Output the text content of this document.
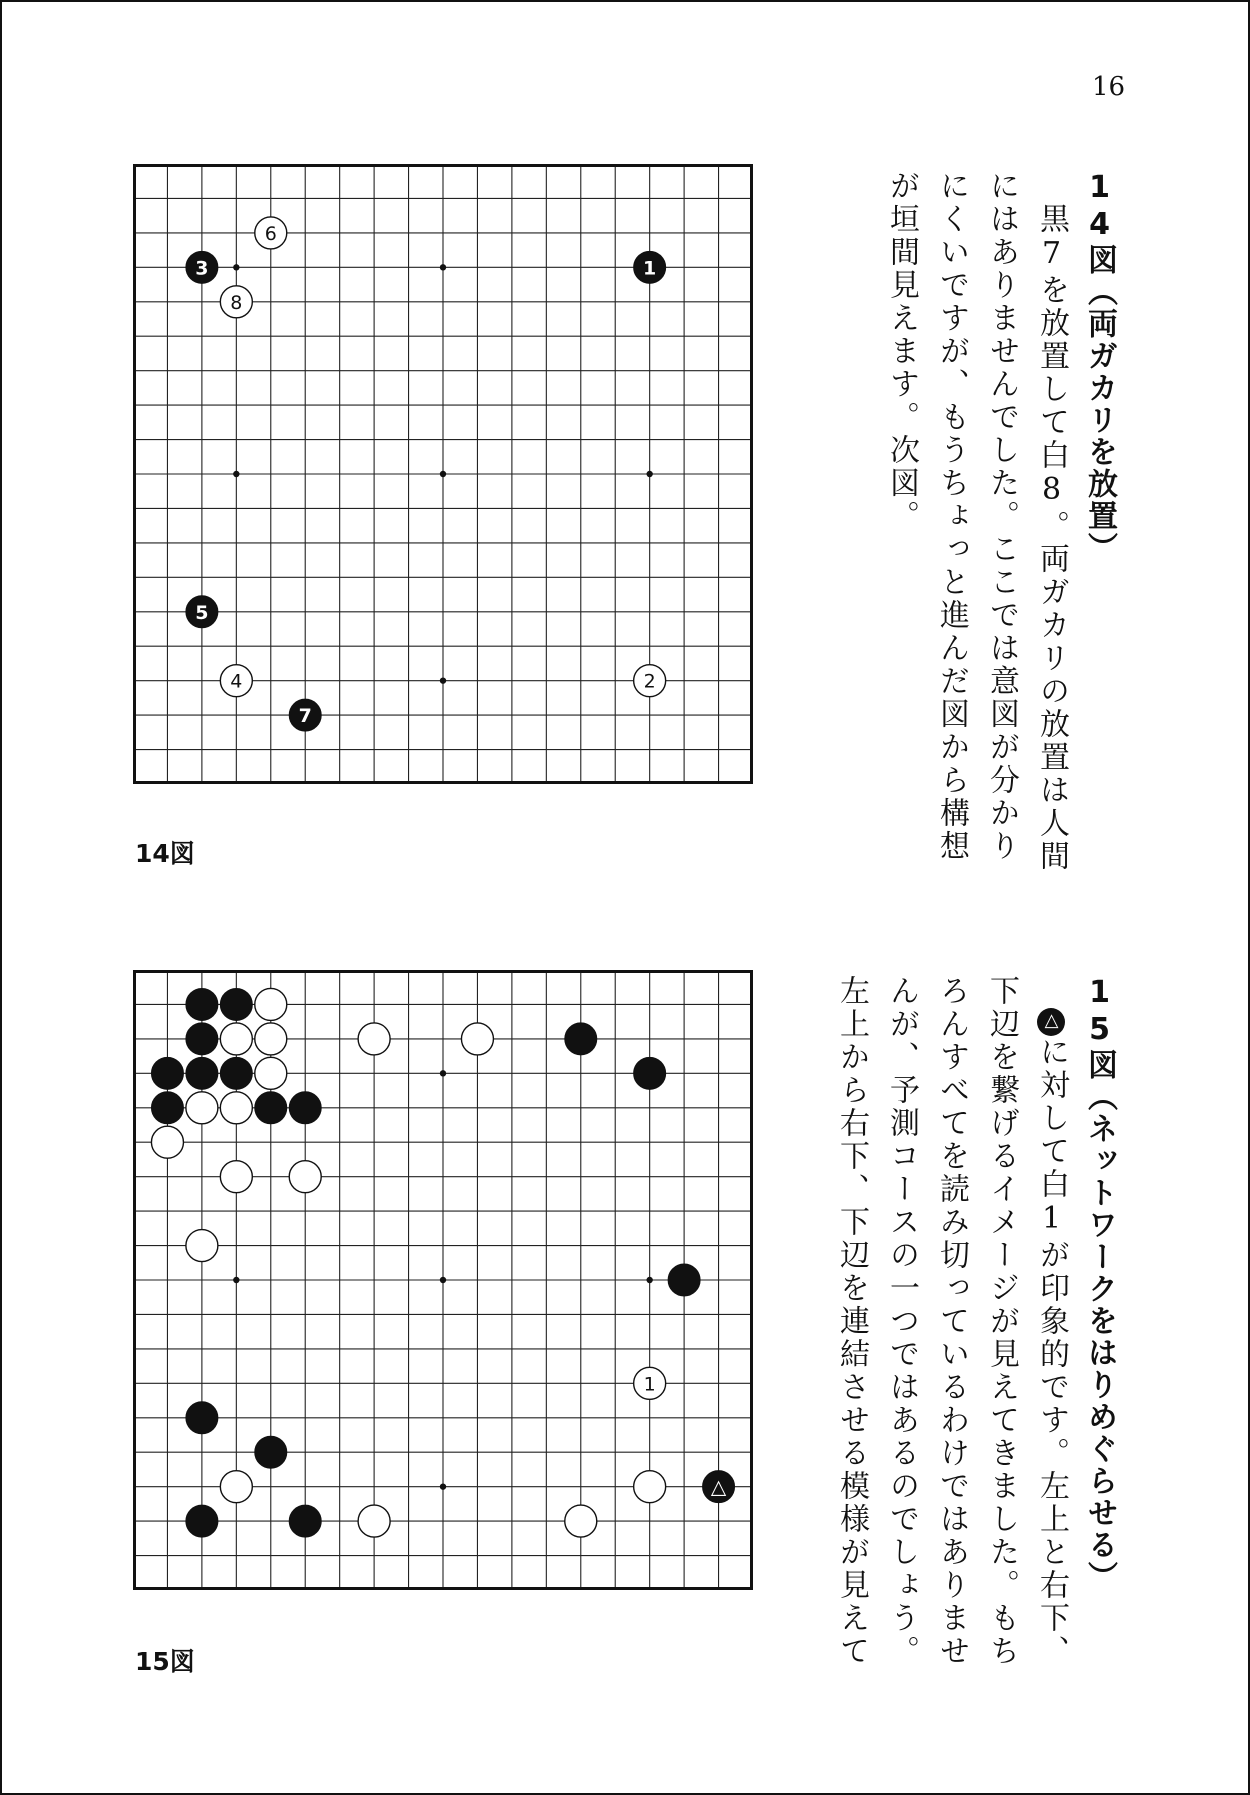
16
14図（両ガカリを放置）
黒7を放置して白8。両ガカリの放置は人間
にはありませんでした。ここでは意図が分かり
にくいですが、もうちょっと進んだ図から構想
が垣間見えます。次図。
15図（ネットワークをはりめぐらせる）
△に対して白1が印象的です。左上と右下、
下辺を繋げるイメージが見えてきました。もち
ろんすべてを読み切っているわけではありませ
んが、予測コースの一つではあるのでしょう。
左上から右下、下辺を連結させる模様が見えて
1
2
3
4
5
6
7
8
14図
1
△
15図
